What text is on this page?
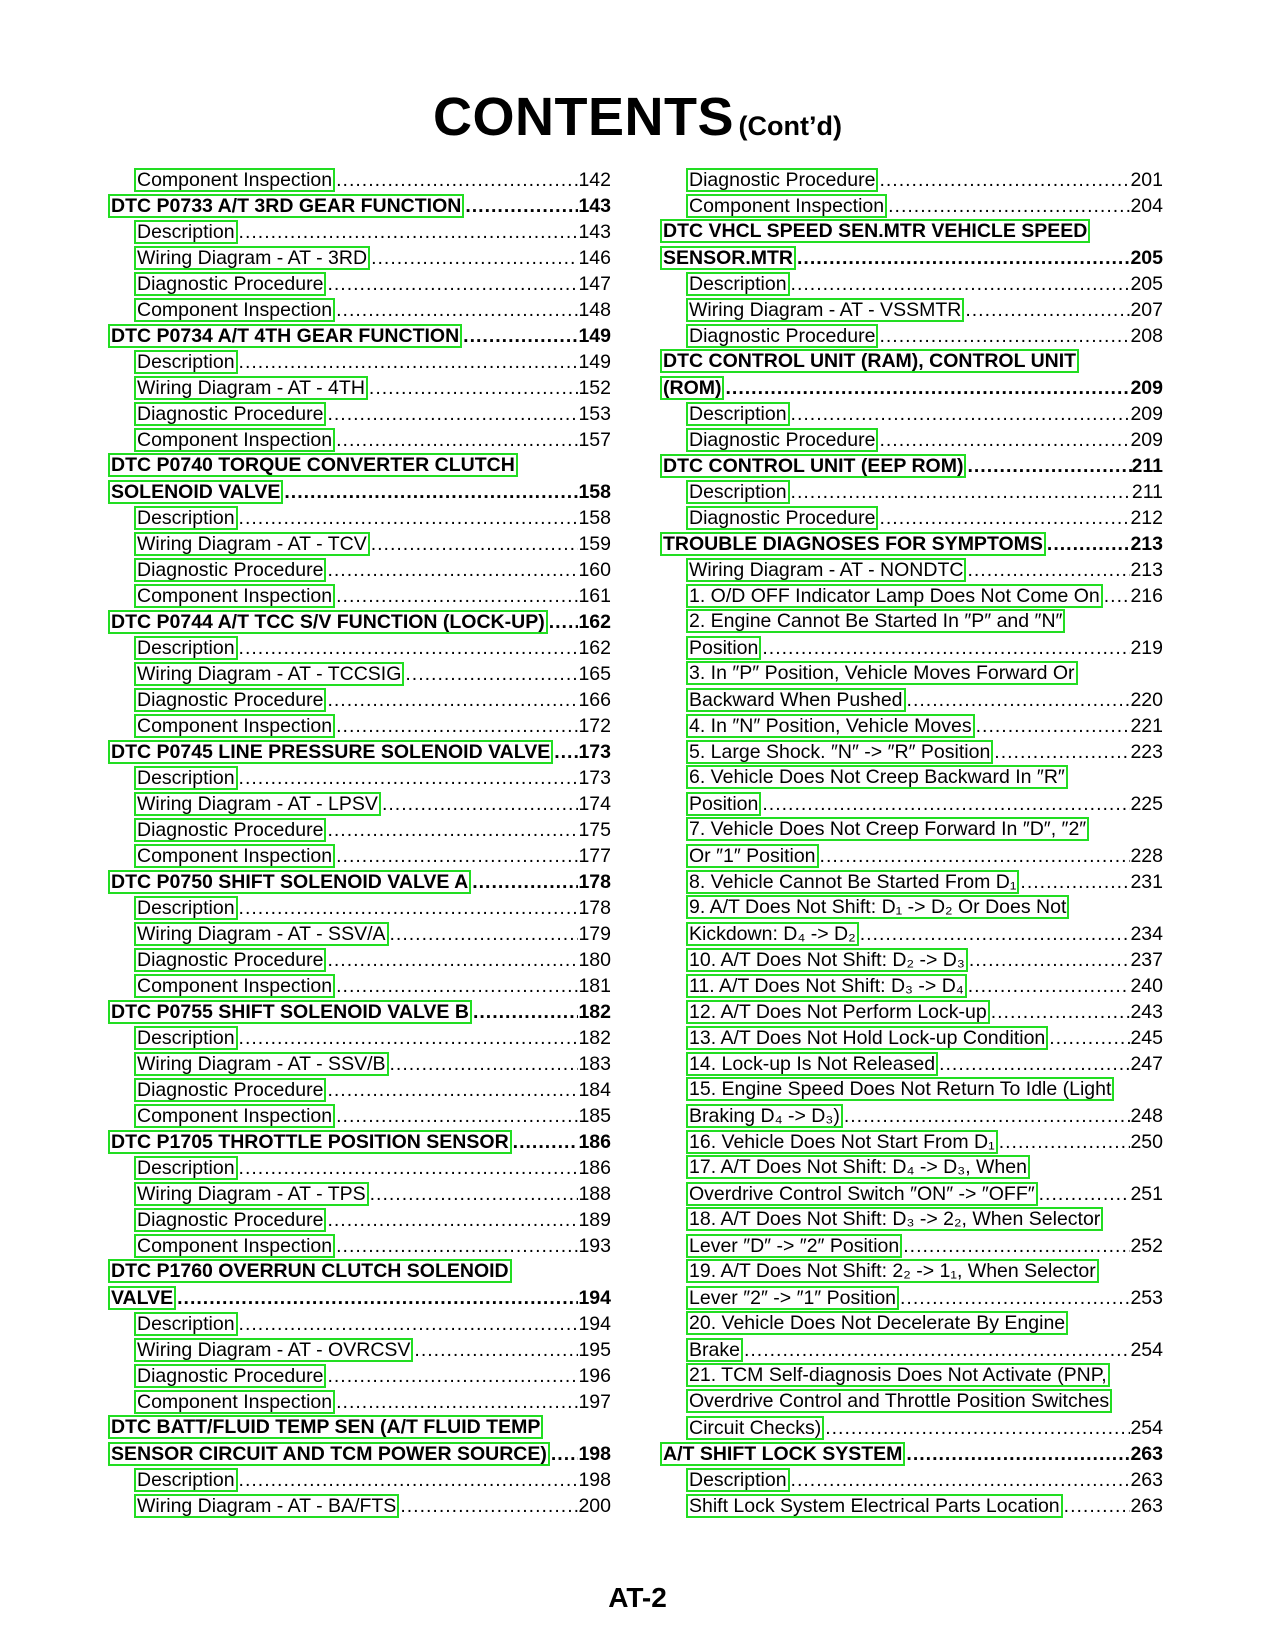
CONTENTS (Cont’d)
Component Inspection .....	142
DTC P0733 A/T 3RD GEAR FUNCTION .....	143
Description .....	143
Wiring Diagram - AT - 3RD .....	146
Diagnostic Procedure .....	147
Component Inspection .....	148
DTC P0734 A/T 4TH GEAR FUNCTION .....	149
Description .....	149
Wiring Diagram - AT - 4TH .....	152
Diagnostic Procedure .....	153
Component Inspection .....	157
DTC P0740 TORQUE CONVERTER CLUTCH
SOLENOID VALVE .....	158
Description .....	158
Wiring Diagram - AT - TCV .....	159
Diagnostic Procedure .....	160
Component Inspection .....	161
DTC P0744 A/T TCC S/V FUNCTION (LOCK-UP) ..... 162
Description .....	162
Wiring Diagram - AT - TCCSIG .....	165
Diagnostic Procedure .....	166
Component Inspection .....	172
DTC P0745 LINE PRESSURE SOLENOID VALVE ..... 173
Description .....	173
Wiring Diagram - AT - LPSV .....	174
Diagnostic Procedure .....	175
Component Inspection .....	177
DTC P0750 SHIFT SOLENOID VALVE A .....	178
Description .....	178
Wiring Diagram - AT - SSV/A .....	179
Diagnostic Procedure .....	180
Component Inspection .....	181
DTC P0755 SHIFT SOLENOID VALVE B .....	182
Description .....	182
Wiring Diagram - AT - SSV/B .....	183
Diagnostic Procedure .....	184
Component Inspection .....	185
DTC P1705 THROTTLE POSITION SENSOR .....	186
Description .....	186
Wiring Diagram - AT - TPS .....	188
Diagnostic Procedure .....	189
Component Inspection .....	193
DTC P1760 OVERRUN CLUTCH SOLENOID
VALVE .....	194
Description .....	194
Wiring Diagram - AT - OVRCSV .....	195
Diagnostic Procedure .....	196
Component Inspection .....	197
DTC BATT/FLUID TEMP SEN (A/T FLUID TEMP
SENSOR CIRCUIT AND TCM POWER SOURCE) ..... 198
Description .....	198
Wiring Diagram - AT - BA/FTS .....	200
Diagnostic Procedure .....	201
Component Inspection .....	204
DTC VHCL SPEED SEN.MTR VEHICLE SPEED
SENSOR.MTR .....	205
Description .....	205
Wiring Diagram - AT - VSSMTR .....	207
Diagnostic Procedure .....	208
DTC CONTROL UNIT (RAM), CONTROL UNIT
(ROM) .....	209
Description .....	209
Diagnostic Procedure .....	209
DTC CONTROL UNIT (EEP ROM) .....	211
Description .....	211
Diagnostic Procedure .....	212
TROUBLE DIAGNOSES FOR SYMPTOMS .....	213
Wiring Diagram - AT - NONDTC .....	213
1. O/D OFF Indicator Lamp Does Not Come On ..... 216
2. Engine Cannot Be Started In ″P″ and ″N″
Position .....	219
3. In ″P″ Position, Vehicle Moves Forward Or
Backward When Pushed .....	220
4. In ″N″ Position, Vehicle Moves .....	221
5. Large Shock. ″N″ -> ″R″ Position .....	223
6. Vehicle Does Not Creep Backward In ″R″
Position .....	225
7. Vehicle Does Not Creep Forward In ″D″, ″2″
Or ″1″ Position .....	228
8. Vehicle Cannot Be Started From D₁ .....	231
9. A/T Does Not Shift: D₁ -> D₂ Or Does Not
Kickdown: D₄ -> D₂ .....	234
10. A/T Does Not Shift: D₂ -> D₃ .....	237
11. A/T Does Not Shift: D₃ -> D₄ .....	240
12. A/T Does Not Perform Lock-up .....	243
13. A/T Does Not Hold Lock-up Condition .....	245
14. Lock-up Is Not Released .....	247
15. Engine Speed Does Not Return To Idle (Light
Braking D₄ -> D₃) .....	248
16. Vehicle Does Not Start From D₁ .....	250
17. A/T Does Not Shift: D₄ -> D₃, When
Overdrive Control Switch ″ON″ -> ″OFF″ .....	251
18. A/T Does Not Shift: D₃ -> 2₂, When Selector
Lever ″D″ -> ″2″ Position .....	252
19. A/T Does Not Shift: 2₂ -> 1₁, When Selector
Lever ″2″ -> ″1″ Position .....	253
20. Vehicle Does Not Decelerate By Engine
Brake .....	254
21. TCM Self-diagnosis Does Not Activate (PNP,
Overdrive Control and Throttle Position Switches
Circuit Checks) .....	254
A/T SHIFT LOCK SYSTEM .....	263
Description .....	263
Shift Lock System Electrical Parts Location .....	263
AT-2
